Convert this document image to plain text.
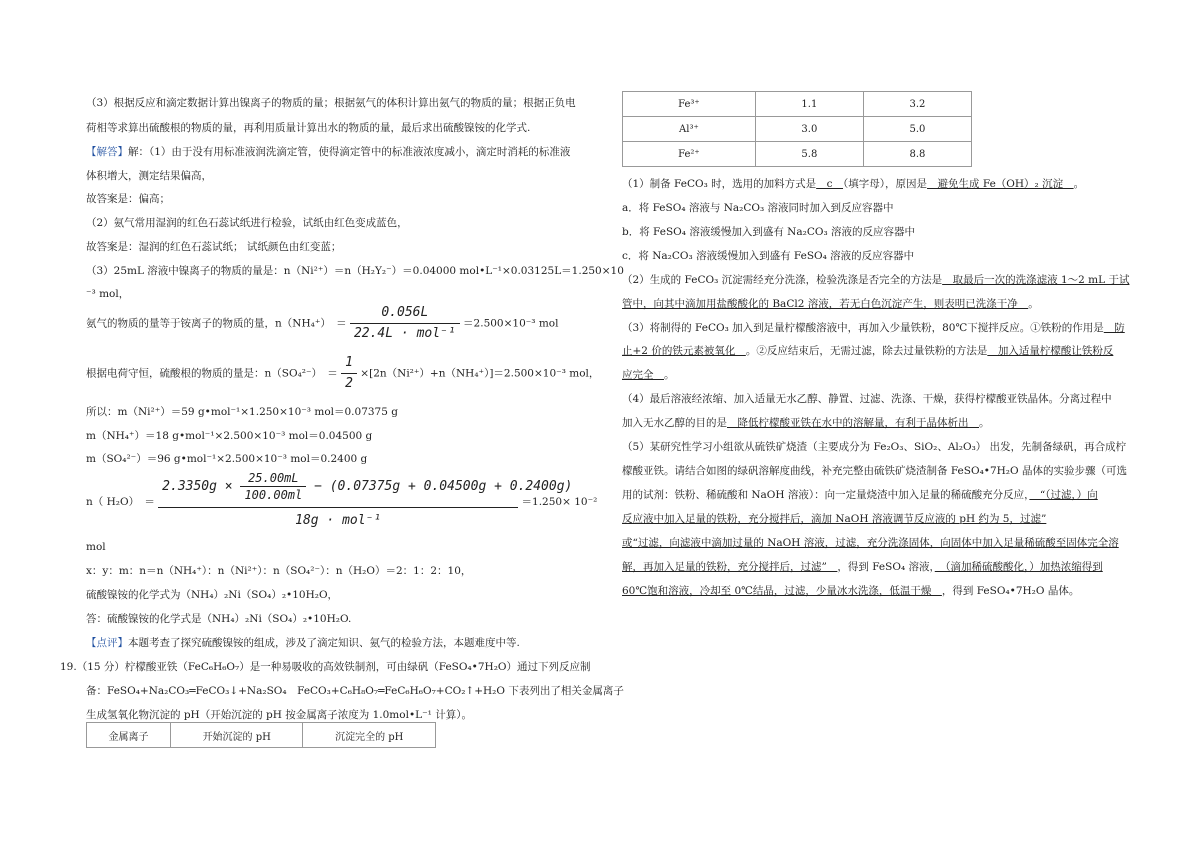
（3）根据反应和滴定数据计算出镍离子的物质的量；根据氨气的体积计算出氨气的物质的量；根据正负电
荷相等求算出硫酸根的物质的量，再利用质量计算出水的物质的量，最后求出硫酸镍铵的化学式.
【解答】解：（1）由于没有用标准液润洗滴定管，使得滴定管中的标准液浓度减小，滴定时消耗的标准液
体积增大，测定结果偏高，
故答案是：偏高；
（2）氨气常用湿润的红色石蕊试纸进行检验，试纸由红色变成蓝色，
故答案是：湿润的红色石蕊试纸； 试纸颜色由红变蓝；
（3）25mL 溶液中镍离子的物质的量是：n（Ni²⁺）＝n（H₂Y₂⁻）＝0.04000 mol•L⁻¹×0.03125L＝1.250×10
⁻³ mol，
氨气的物质的量等于铵离子的物质的量，n（NH₄⁺）　＝ $\frac{0.056L}{\text{22.4L · mol⁻¹}} =2.500\times 10^{-3}$ mol
根据电荷守恒，硫酸根的物质的量是：n（SO₄²⁻）　＝ $\frac{1}{2} \times[2n(Ni^{2+})+n(NH_4^+)]=2.500\times 10^{-3}$ mol，
所以：m（Ni²⁺）＝59 g•mol⁻¹×1.250×10⁻³ mol＝0.07375 g
m（NH₄⁺）＝18 g•mol⁻¹×2.500×10⁻³ mol＝0.04500 g
m（SO₄²⁻）＝96 g•mol⁻¹×2.500×10⁻³ mol＝0.2400 g
n（ H₂O）　＝
$2.3350g \times \frac{25.00mL}{100.00ml} - (0.07375g + 0.04500g + 0.2400g)$
18g · mol⁻¹
＝1.250× 10⁻²
mol
x：y：m：n＝n（NH₄⁺）：n（Ni²⁺）：n（SO₄²⁻）：n（H₂O）＝2：1：2：10，
硫酸镍铵的化学式为（NH₄）₂Ni（SO₄）₂•10H₂O，
答：硫酸镍铵的化学式是（NH₄）₂Ni（SO₄）₂•10H₂O.
【点评】本题考查了探究硫酸镍铵的组成，涉及了滴定知识、氨气的检验方法，本题难度中等.
19.（15 分）柠檬酸亚铁（FeC₆H₆O₇）是一种易吸收的高效铁制剂，可由绿矾（FeSO₄•7H₂O）通过下列反应制
备：FeSO₄+Na₂CO₃═FeCO₃↓+Na₂SO₄　FeCO₃+C₆H₈O₇═FeC₆H₆O₇+CO₂↑+H₂O 下表列出了相关金属离子
生成氢氧化物沉淀的 pH（开始沉淀的 pH 按金属离子浓度为 1.0mol•L⁻¹ 计算）。
金属离子	开始沉淀的 pH	沉淀完全的 pH
Fe³⁺	1.1	3.2
Al³⁺	3.0	5.0
Fe²⁺	5.8	8.8
（1）制备 FeCO₃ 时，选用的加料方式是　c　（填字母），原因是　避免生成 Fe（OH）₂ 沉淀　。
a．将 FeSO₄ 溶液与 Na₂CO₃ 溶液同时加入到反应容器中
b．将 FeSO₄ 溶液缓慢加入到盛有 Na₂CO₃ 溶液的反应容器中
c．将 Na₂CO₃ 溶液缓慢加入到盛有 FeSO₄ 溶液的反应容器中
（2）生成的 FeCO₃ 沉淀需经充分洗涤，检验洗涤是否完全的方法是　取最后一次的洗涤滤液 1～2 mL 于试
管中，向其中滴加用盐酸酸化的 BaCl2 溶液，若无白色沉淀产生，则表明已洗涤干净　。
（3）将制得的 FeCO₃ 加入到足量柠檬酸溶液中，再加入少量铁粉，80℃下搅拌反应。①铁粉的作用是　防
止+2 价的铁元素被氧化　。②反应结束后，无需过滤，除去过量铁粉的方法是　加入适量柠檬酸让铁粉反
应完全　。
（4）最后溶液经浓缩、加入适量无水乙醇、静置、过滤、洗涤、干燥，获得柠檬酸亚铁晶体。分离过程中
加入无水乙醇的目的是　降低柠檬酸亚铁在水中的溶解量，有利于晶体析出　。
（5）某研究性学习小组欲从硫铁矿烧渣（主要成分为 Fe₂O₃、SiO₂、Al₂O₃） 出发，先制备绿矾，再合成柠
檬酸亚铁。请结合如图的绿矾溶解度曲线，补充完整由硫铁矿烧渣制备 FeSO₄•7H₂O 晶体的实验步骤（可选
用的试剂：铁粉、稀硫酸和 NaOH 溶液）：向一定量烧渣中加入足量的稀硫酸充分反应，　“（过滤，）向
反应液中加入足量的铁粉，充分搅拌后，滴加 NaOH 溶液调节反应液的 pH 约为 5，过滤”
或“过滤，向滤液中滴加过量的 NaOH 溶液，过滤，充分洗涤固体，向固体中加入足量稀硫酸至固体完全溶
解，再加入足量的铁粉，充分搅拌后，过滤”　，得到 FeSO₄ 溶液，　（滴加稀硫酸酸化，）加热浓缩得到
60℃饱和溶液，冷却至 0℃结晶，过滤，少量冰水洗涤，低温干燥　，得到 FeSO₄•7H₂O 晶体。
